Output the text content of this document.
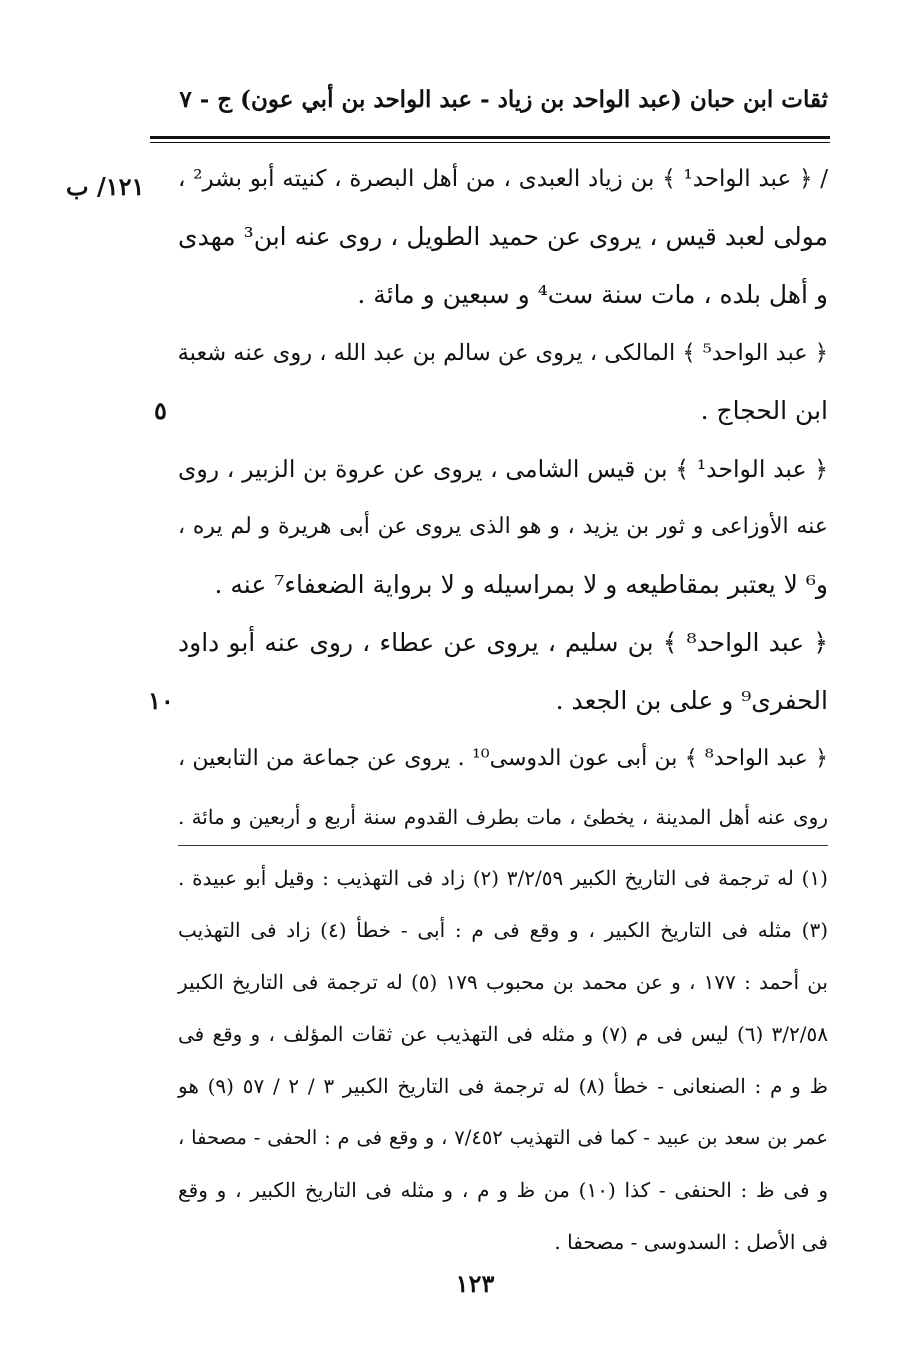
ثقات ابن حبان (عبد الواحد بن زياد - عبد الواحد بن أبي عون) ج - ٧
١٢١/ ب
٥
١٠
/ ﴿ عبد الواحد¹ ﴾ بن زياد العبدى ، من أهل البصرة ، كنيته أبو بشر² ،
مولى لعبد قيس ، يروى عن حميد الطويل ، روى عنه ابن³ مهدى
و أهل بلده ، مات سنة ست⁴ و سبعين و مائة .
﴿ عبد الواحد⁵ ﴾ المالكى ، يروى عن سالم بن عبد الله ، روى عنه شعبة
ابن الحجاج .
﴿ عبد الواحد¹ ﴾ بن قيس الشامى ، يروى عن عروة بن الزبير ، روى
عنه الأوزاعى و ثور بن يزيد ، و هو الذى يروى عن أبى هريرة و لم يره ،
و⁶ لا يعتبر بمقاطيعه و لا بمراسيله و لا برواية الضعفاء⁷ عنه .
﴿ عبد الواحد⁸ ﴾ بن سليم ، يروى عن عطاء ، روى عنه أبو داود
الحفرى⁹ و على بن الجعد .
﴿ عبد الواحد⁸ ﴾ بن أبى عون الدوسى¹⁰ . يروى عن جماعة من التابعين ،
روى عنه أهل المدينة ، يخطئ ، مات بطرف القدوم سنة أربع و أربعين و مائة .
(١) له ترجمة فى التاريخ الكبير ٣/٢/٥٩ (٢) زاد فى التهذيب : وقيل أبو عبيدة .
(٣) مثله فى التاريخ الكبير ، و وقع فى م : أبى - خطأ (٤) زاد فى التهذيب
بن أحمد : ١٧٧ ، و عن محمد بن محبوب ١٧٩ (٥) له ترجمة فى التاريخ الكبير
٣/٢/٥٨ (٦) ليس فى م (٧) و مثله فى التهذيب عن ثقات المؤلف ، و وقع فى
ظ و م : الصنعانى - خطأ (٨) له ترجمة فى التاريخ الكبير ٣ / ٢ / ٥٧ (٩) هو
عمر بن سعد بن عبيد - كما فى التهذيب ٧/٤٥٢ ، و وقع فى م : الحفى - مصحفا ،
و فى ظ : الحنفى - كذا (١٠) من ظ و م ، و مثله فى التاريخ الكبير ، و وقع
فى الأصل : السدوسى - مصحفا .
١٢٣
